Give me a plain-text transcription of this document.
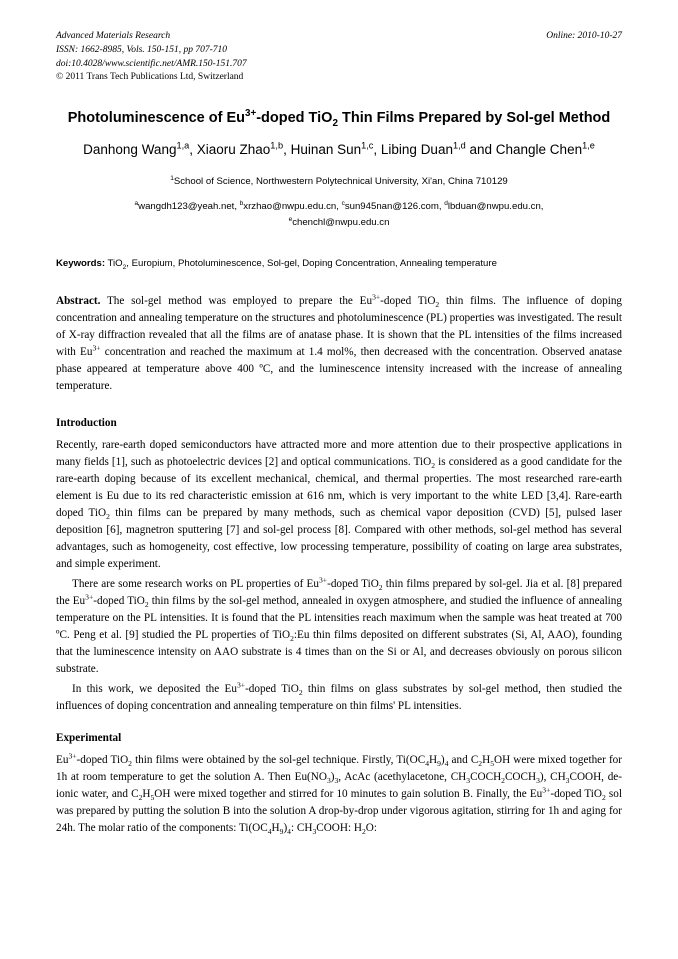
Online: 2010-10-27
Advanced Materials Research
ISSN: 1662-8985, Vols. 150-151, pp 707-710
doi:10.4028/www.scientific.net/AMR.150-151.707
© 2011 Trans Tech Publications Ltd, Switzerland
Photoluminescence of $Eu^{3+}$-doped TiO$_2$ Thin Films Prepared by Sol-gel Method
Danhong Wang$^{1,a}$, Xiaoru Zhao$^{1,b}$, Huinan Sun$^{1,c}$, Libing Duan$^{1,d}$ and Changle Chen$^{1,e}$
$^1$School of Science, Northwestern Polytechnical University, Xi'an, China 710129
$^a$wangdh123@yeah.net, $^b$xrzhao@nwpu.edu.cn, $^c$sun945nan@126.com, $^d$lbduan@nwpu.edu.cn,
$^e$chenchl@nwpu.edu.cn
Keywords: TiO$_2$, Europium, Photoluminescence, Sol-gel, Doping Concentration, Annealing temperature
Abstract. The sol-gel method was employed to prepare the $Eu^{3+}$-doped TiO$_2$ thin films. The influence of doping concentration and annealing temperature on the structures and photoluminescence (PL) properties was investigated. The result of X-ray diffraction revealed that all the films are of anatase phase. It is shown that the PL intensities of the films increased with $Eu^{3+}$ concentration and reached the maximum at 1.4 mol%, then decreased with the concentration. Observed anatase phase appeared at temperature above 400 ºC, and the luminescence intensity increased with the increase of annealing temperature.
Introduction

Recently, rare-earth doped semiconductors have attracted more and more attention due to their prospective applications in many fields [1], such as photoelectric devices [2] and optical communications. TiO$_2$ is considered as a good candidate for the rare-earth doping because of its excellent mechanical, chemical, and thermal properties. The most researched rare-earth element is Eu due to its red characteristic emission at 616 nm, which is very important to the white LED [3,4]. Rare-earth doped TiO$_2$ thin films can be prepared by many methods, such as chemical vapor deposition (CVD) [5], pulsed laser deposition [6], magnetron sputtering [7] and sol-gel process [8]. Compared with other methods, sol-gel method has several advantages, such as homogeneity, cost effective, low processing temperature, possibility of coating on large area substrates, and simple experiment.

There are some research works on PL properties of $Eu^{3+}$-doped TiO$_2$ thin films prepared by sol-gel. Jia et al. [8] prepared the $Eu^{3+}$-doped TiO$_2$ thin films by the sol-gel method, annealed in oxygen atmosphere, and studied the influence of annealing temperature on the PL intensities. It is found that the PL intensities reach maximum when the sample was heat treated at 700 ºC. Peng et al. [9] studied the PL properties of TiO$_2$:Eu thin films deposited on different substrates (Si, Al, AAO), founding that the luminescence intensity on AAO substrate is 4 times than on the Si or Al, and decreases obviously on porous silicon substrate.

In this work, we deposited the $Eu^{3+}$-doped TiO$_2$ thin films on glass substrates by sol-gel method, then studied the influences of doping concentration and annealing temperature on thin films' PL intensities.

Experimental

$Eu^{3+}$-doped TiO$_2$ thin films were obtained by the sol-gel technique. Firstly, $Ti(OC_4H_9)_4$ and $C_2H_5OH$ were mixed together for 1h at room temperature to get the solution A. Then $Eu(NO_3)_3$, AcAc (acethylacetone, $CH_3COCH_2COCH_3$), $CH_3COOH$, de-ionic water, and $C_2H_5OH$ were mixed together and stirred for 10 minutes to gain solution B. Finally, the $Eu^{3+}$-doped TiO$_2$ sol was prepared by putting the solution B into the solution A drop-by-drop under vigorous agitation, stirring for 1h and aging for 24h. The molar ratio of the components: $Ti(OC_4H_9)_4$: $CH_3COOH$: $H_2O$:
